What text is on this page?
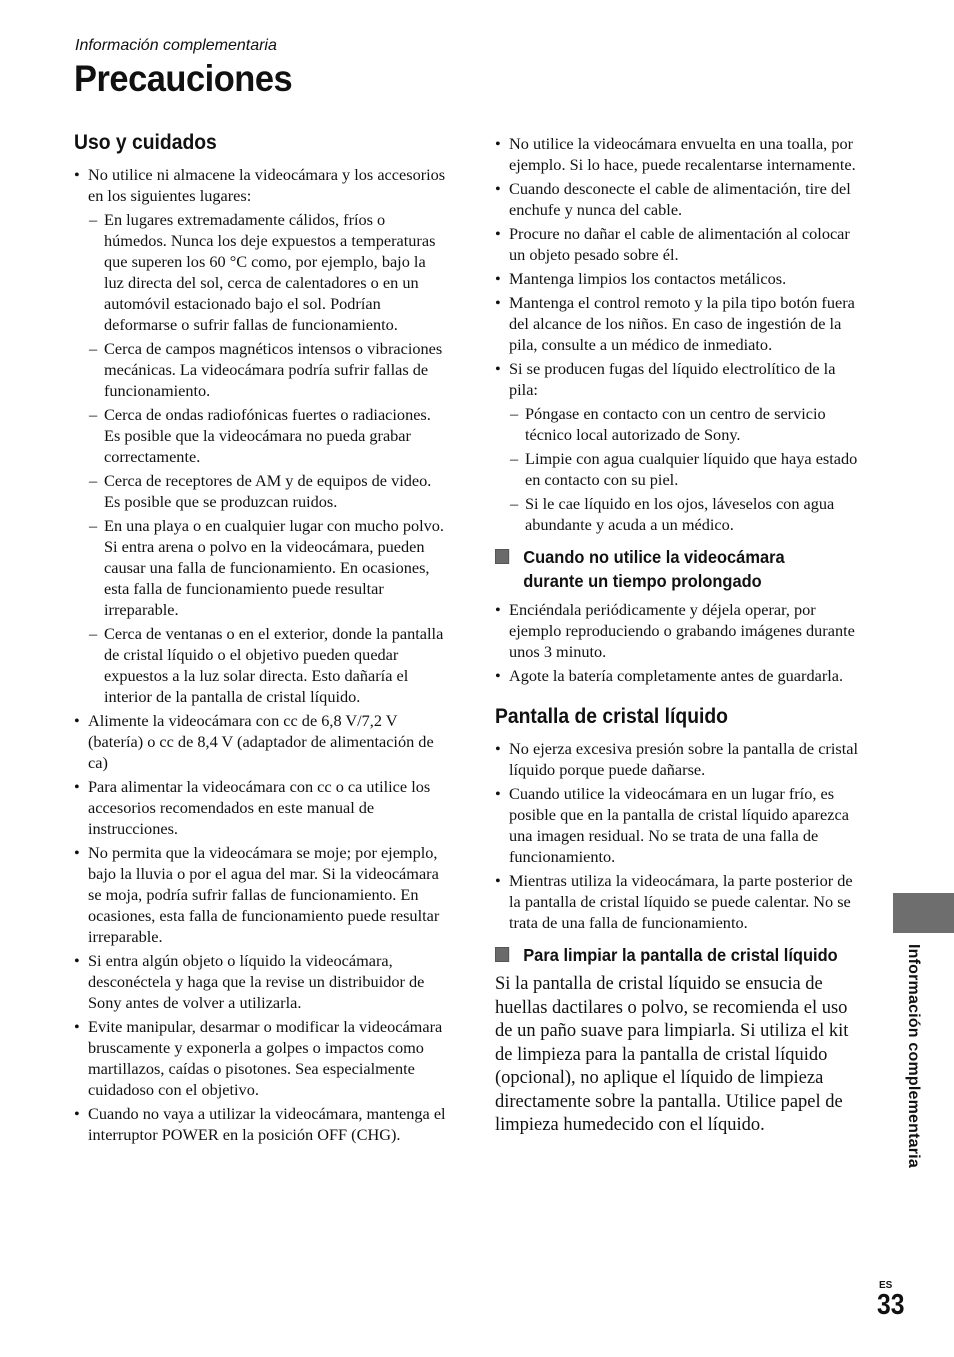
Información complementaria
Precauciones
Uso y cuidados
• No utilice ni almacene la videocámara y los accesorios en los siguientes lugares:
– En lugares extremadamente cálidos, fríos o húmedos. Nunca los deje expuestos a temperaturas que superen los 60 °C como, por ejemplo, bajo la luz directa del sol, cerca de calentadores o en un automóvil estacionado bajo el sol. Podrían deformarse o sufrir fallas de funcionamiento.
– Cerca de campos magnéticos intensos o vibraciones mecánicas. La videocámara podría sufrir fallas de funcionamiento.
– Cerca de ondas radiofónicas fuertes o radiaciones. Es posible que la videocámara no pueda grabar correctamente.
– Cerca de receptores de AM y de equipos de video. Es posible que se produzcan ruidos.
– En una playa o en cualquier lugar con mucho polvo. Si entra arena o polvo en la videocámara, pueden causar una falla de funcionamiento. En ocasiones, esta falla de funcionamiento puede resultar irreparable.
– Cerca de ventanas o en el exterior, donde la pantalla de cristal líquido o el objetivo pueden quedar expuestos a la luz solar directa. Esto dañaría el interior de la pantalla de cristal líquido.
• Alimente la videocámara con cc de 6,8 V/7,2 V (batería) o cc de 8,4 V (adaptador de alimentación de ca)
• Para alimentar la videocámara con cc o ca utilice los accesorios recomendados en este manual de instrucciones.
• No permita que la videocámara se moje; por ejemplo, bajo la lluvia o por el agua del mar. Si la videocámara se moja, podría sufrir fallas de funcionamiento. En ocasiones, esta falla de funcionamiento puede resultar irreparable.
• Si entra algún objeto o líquido la videocámara, desconéctela y haga que la revise un distribuidor de Sony antes de volver a utilizarla.
• Evite manipular, desarmar o modificar la videocámara bruscamente y exponerla a golpes o impactos como martillazos, caídas o pisotones. Sea especialmente cuidadoso con el objetivo.
• Cuando no vaya a utilizar la videocámara, mantenga el interruptor POWER en la posición OFF (CHG).
• No utilice la videocámara envuelta en una toalla, por ejemplo. Si lo hace, puede recalentarse internamente.
• Cuando desconecte el cable de alimentación, tire del enchufe y nunca del cable.
• Procure no dañar el cable de alimentación al colocar un objeto pesado sobre él.
• Mantenga limpios los contactos metálicos.
• Mantenga el control remoto y la pila tipo botón fuera del alcance de los niños. En caso de ingestión de la pila, consulte a un médico de inmediato.
• Si se producen fugas del líquido electrolítico de la pila:
– Póngase en contacto con un centro de servicio técnico local autorizado de Sony.
– Limpie con agua cualquier líquido que haya estado en contacto con su piel.
– Si le cae líquido en los ojos, láveselos con agua abundante y acuda a un médico.
Cuando no utilice la videocámara durante un tiempo prolongado
• Enciéndala periódicamente y déjela operar, por ejemplo reproduciendo o grabando imágenes durante unos 3 minuto.
• Agote la batería completamente antes de guardarla.
Pantalla de cristal líquido
• No ejerza excesiva presión sobre la pantalla de cristal líquido porque puede dañarse.
• Cuando utilice la videocámara en un lugar frío, es posible que en la pantalla de cristal líquido aparezca una imagen residual. No se trata de una falla de funcionamiento.
• Mientras utiliza la videocámara, la parte posterior de la pantalla de cristal líquido se puede calentar. No se trata de una falla de funcionamiento.
Para limpiar la pantalla de cristal líquido

Si la pantalla de cristal líquido se ensucia de huellas dactilares o polvo, se recomienda el uso de un paño suave para limpiarla. Si utiliza el kit de limpieza para la pantalla de cristal líquido (opcional), no aplique el líquido de limpieza directamente sobre la pantalla. Utilice papel de limpieza humedecido con el líquido.	Información complementaria
ES
33
